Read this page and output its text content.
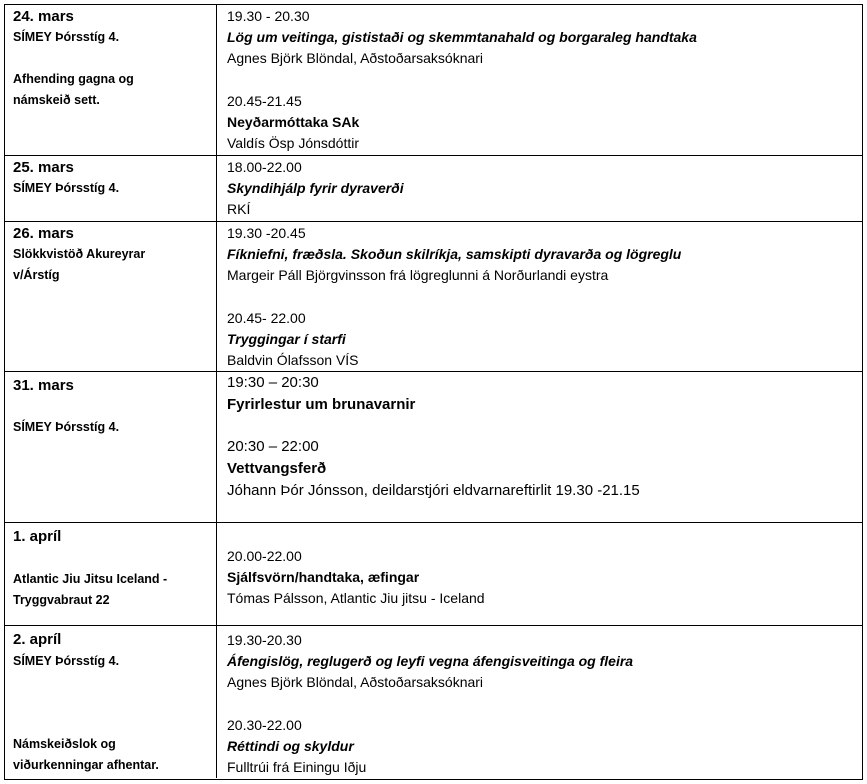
24. mars
SÍMEY Þórsstíg 4.
Afhending gagna og
námskeið sett.
19.30 - 20.30
Lög um veitinga, gististaði og skemmtanahald og borgaraleg handtaka
Agnes Björk Blöndal, Aðstoðarsaksóknari
20.45-21.45
Neyðarmóttaka SAk
Valdís Ösp Jónsdóttir
25. mars
SÍMEY Þórsstíg 4.
18.00-22.00
Skyndihjálp fyrir dyraverði
RKÍ
26. mars
Slökkvistöð Akureyrar
v/Árstíg
19.30 -20.45
Fíkniefni, fræðsla. Skoðun skilríkja, samskipti dyravarða og lögreglu
Margeir Páll Björgvinsson frá lögreglunni á Norðurlandi eystra
20.45- 22.00
Tryggingar í starfi
Baldvin Ólafsson VÍS
31. mars
SÍMEY Þórsstíg 4.
19:30 – 20:30
Fyrirlestur um brunavarnir
20:30 – 22:00
Vettvangsferð
Jóhann Þór Jónsson, deildarstjóri eldvarnareftirlit 19.30 -21.15
1. apríl
Atlantic Jiu Jitsu Iceland -
Tryggvabraut 22
20.00-22.00
Sjálfsvörn/handtaka, æfingar
Tómas Pálsson, Atlantic Jiu jitsu - Iceland
2. apríl
SÍMEY Þórsstíg 4.
Námskeiðslok og
viðurkenningar afhentar.
19.30-20.30
Áfengislög, reglugerð og leyfi vegna áfengisveitinga og fleira
Agnes Björk Blöndal, Aðstoðarsaksóknari
20.30-22.00
Réttindi og skyldur
Fulltrúi frá Einingu Iðju
